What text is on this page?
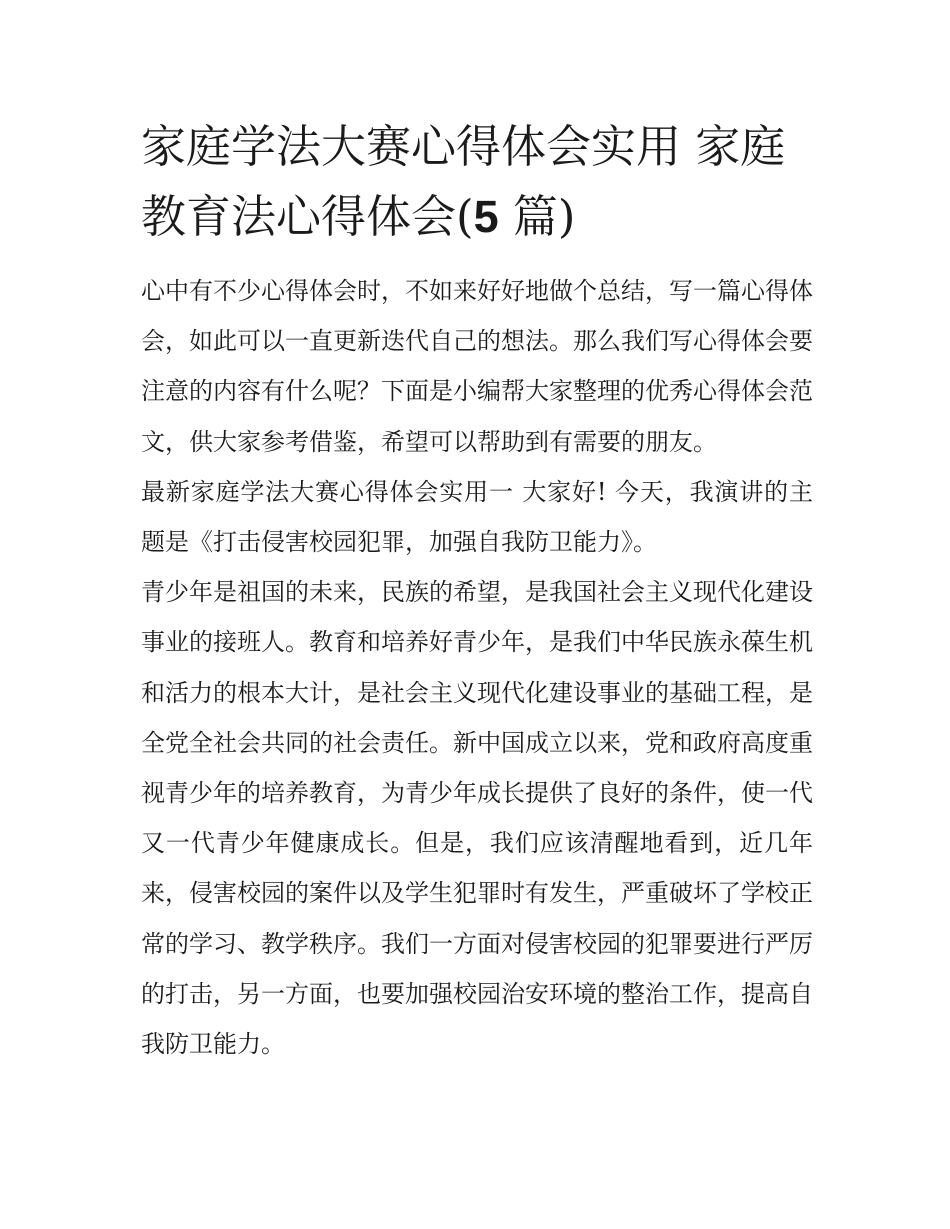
家庭学法大赛心得体会实用 家庭教育法心得体会(5 篇)

心中有不少心得体会时，不如来好好地做个总结，写一篇心得体会，如此可以一直更新迭代自己的想法。那么我们写心得体会要注意的内容有什么呢？下面是小编帮大家整理的优秀心得体会范文，供大家参考借鉴，希望可以帮助到有需要的朋友。

最新家庭学法大赛心得体会实用一 大家好! 今天，我演讲的主题是《打击侵害校园犯罪，加强自我防卫能力》。

青少年是祖国的未来，民族的希望，是我国社会主义现代化建设事业的接班人。教育和培养好青少年，是我们中华民族永葆生机和活力的根本大计，是社会主义现代化建设事业的基础工程，是全党全社会共同的社会责任。新中国成立以来，党和政府高度重视青少年的培养教育，为青少年成长提供了良好的条件，使一代又一代青少年健康成长。但是，我们应该清醒地看到，近几年来，侵害校园的案件以及学生犯罪时有发生，严重破坏了学校正常的学习、教学秩序。我们一方面对侵害校园的犯罪要进行严厉的打击，另一方面，也要加强校园治安环境的整治工作，提高自我防卫能力。
